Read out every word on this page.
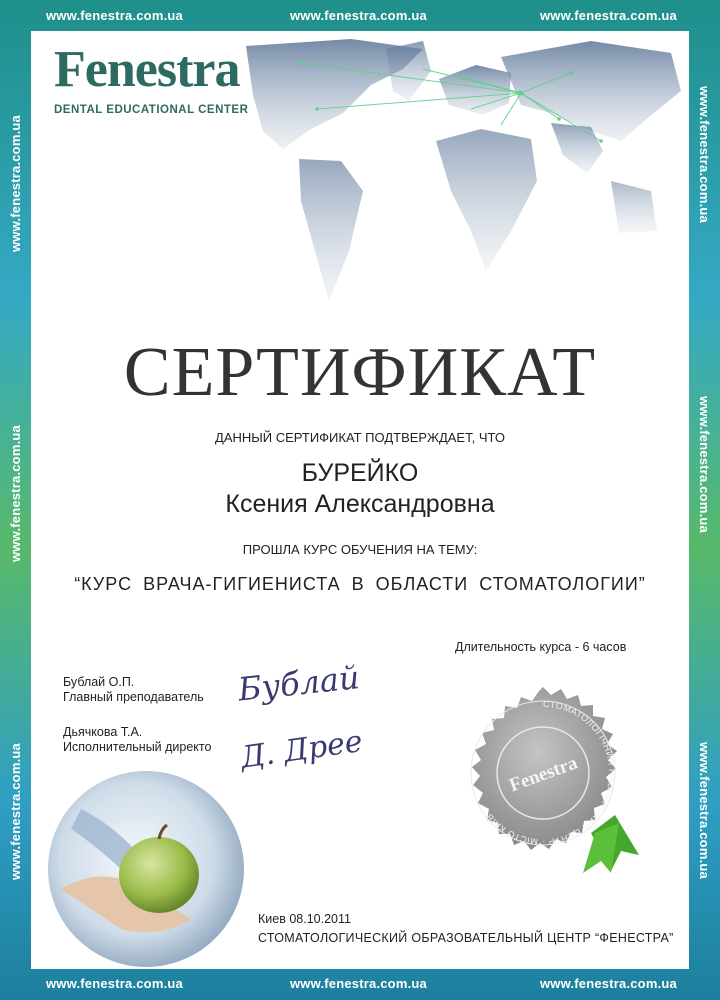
СТОМАТОЛОГІЧНИЙ НАВЧАЛЬНИЙ ЦЕНТР · МІСТО КИЇВ ·
Fenestra
www.fenestra.com.ua	www.fenestra.com.ua	www.fenestra.com.ua
www.fenestra.com.ua	www.fenestra.com.ua	www.fenestra.com.ua
www.fenestra.com.ua
www.fenestra.com.ua
www.fenestra.com.ua
www.fenestra.com.ua
www.fenestra.com.ua
www.fenestra.com.ua
Fenestra
DENTAL EDUCATIONAL CENTER
СЕРТИФИКАТ
ДАННЫЙ СЕРТИФИКАТ ПОДТВЕРЖДАЕТ, ЧТО
БУРЕЙКО
Ксения Александровна
ПРОШЛА КУРС ОБУЧЕНИЯ НА ТЕМУ:
“КУРС ВРАЧА-ГИГИЕНИСТА В ОБЛАСТИ СТОМАТОЛОГИИ”
Длительность курса - 6 часов
Бублай О.П.
Главный преподаватель
Дьячкова Т.А.
Исполнительный директо
Бублай
Д. Дрее
Киев 08.10.2011
СТОМАТОЛОГИЧЕСКИЙ ОБРАЗОВАТЕЛЬНЫЙ ЦЕНТР “ФЕНЕСТРА”
